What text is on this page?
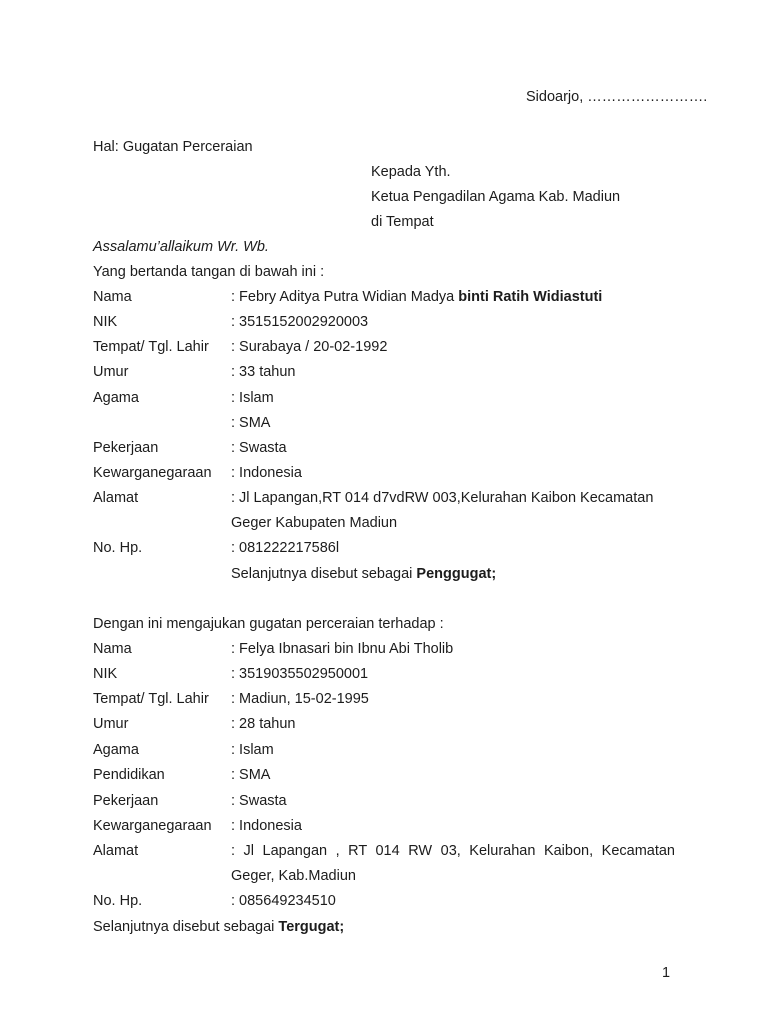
Sidoarjo, …………………….
Hal: Gugatan Perceraian
Kepada Yth.
Ketua Pengadilan Agama Kab. Madiun
di Tempat
Assalamu’allaikum Wr. Wb.
Yang bertanda tangan di bawah ini :
Nama	: Febry Aditya Putra Widian Madya binti Ratih Widiastuti
NIK	: 3515152002920003
Tempat/ Tgl. Lahir : Surabaya / 20-02-1992
Umur	: 33 tahun
Agama	: Islam
: SMA
Pekerjaan	: Swasta
Kewarganegaraan : Indonesia
Alamat	: Jl Lapangan,RT 014 d7vdRW 003,Kelurahan Kaibon Kecamatan
Geger Kabupaten Madiun
No. Hp.	: 081222217586l
Selanjutnya disebut sebagai Penggugat;
Dengan ini mengajukan gugatan perceraian terhadap :
Nama	: Felya Ibnasari bin Ibnu Abi Tholib
NIK	: 3519035502950001
Tempat/ Tgl. Lahir : Madiun, 15-02-1995
Umur	: 28 tahun
Agama	: Islam
Pendidikan	: SMA
Pekerjaan	: Swasta
Kewarganegaraan : Indonesia
Alamat	: Jl Lapangan , RT 014 RW 03, Kelurahan Kaibon, Kecamatan
Geger, Kab.Madiun
No. Hp.	: 085649234510
Selanjutnya disebut sebagai Tergugat;
1
